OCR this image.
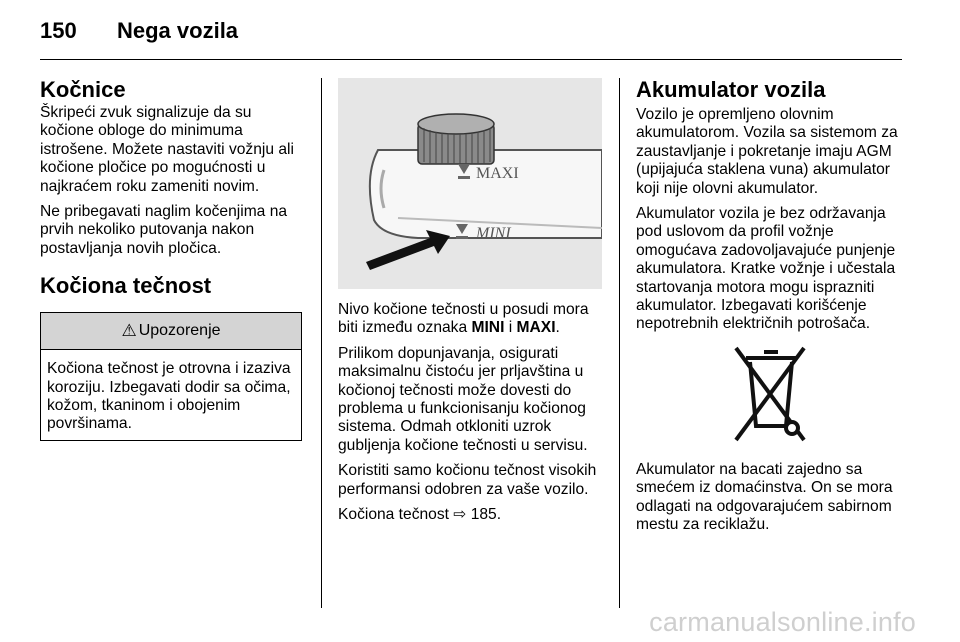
150 Nega vozila
Kočnice

Škripeći zvuk signalizuje da su kočione obloge do minimuma istrošene. Možete nastaviti vožnju ali kočione pločice po mogućnosti u najkraćem roku zameniti novim.

Ne pribegavati naglim kočenjima na prvih nekoliko putovanja nakon postavljanja novih pločica.

Kočiona tečnost
⚠ Upozorenje
Kočiona tečnost je otrovna i izaziva koroziju. Izbegavati dodir sa očima, kožom, tkaninom i obojenim površinama.
MAXI
MINI

Nivo kočione tečnosti u posudi mora biti između oznaka MINI i MAXI.

Prilikom dopunjavanja, osigurati maksimalnu čistoću jer prljavština u kočionoj tečnosti može dovesti do problema u funkcionisanju kočionog sistema. Odmah otkloniti uzrok gubljenja kočione tečnosti u servisu.

Koristiti samo kočionu tečnost visokih performansi odobren za vaše vozilo.

Kočiona tečnost ⇨ 185.

Akumulator vozila

Vozilo je opremljeno olovnim akumulatorom. Vozila sa sistemom za zaustavljanje i pokretanje imaju AGM (upijajuća staklena vuna) akumulator koji nije olovni akumulator.

Akumulator vozila je bez održavanja pod uslovom da profil vožnje omogućava zadovoljavajuće punjenje akumulatora. Kratke vožnje i učestala startovanja motora mogu isprazniti akumulator. Izbegavati korišćenje nepotrebnih električnih potrošača.

Akumulator na bacati zajedno sa smećem iz domaćinstva. On se mora odlagati na odgovarajućem sabirnom mestu za reciklažu.

carmanualsonline.info
